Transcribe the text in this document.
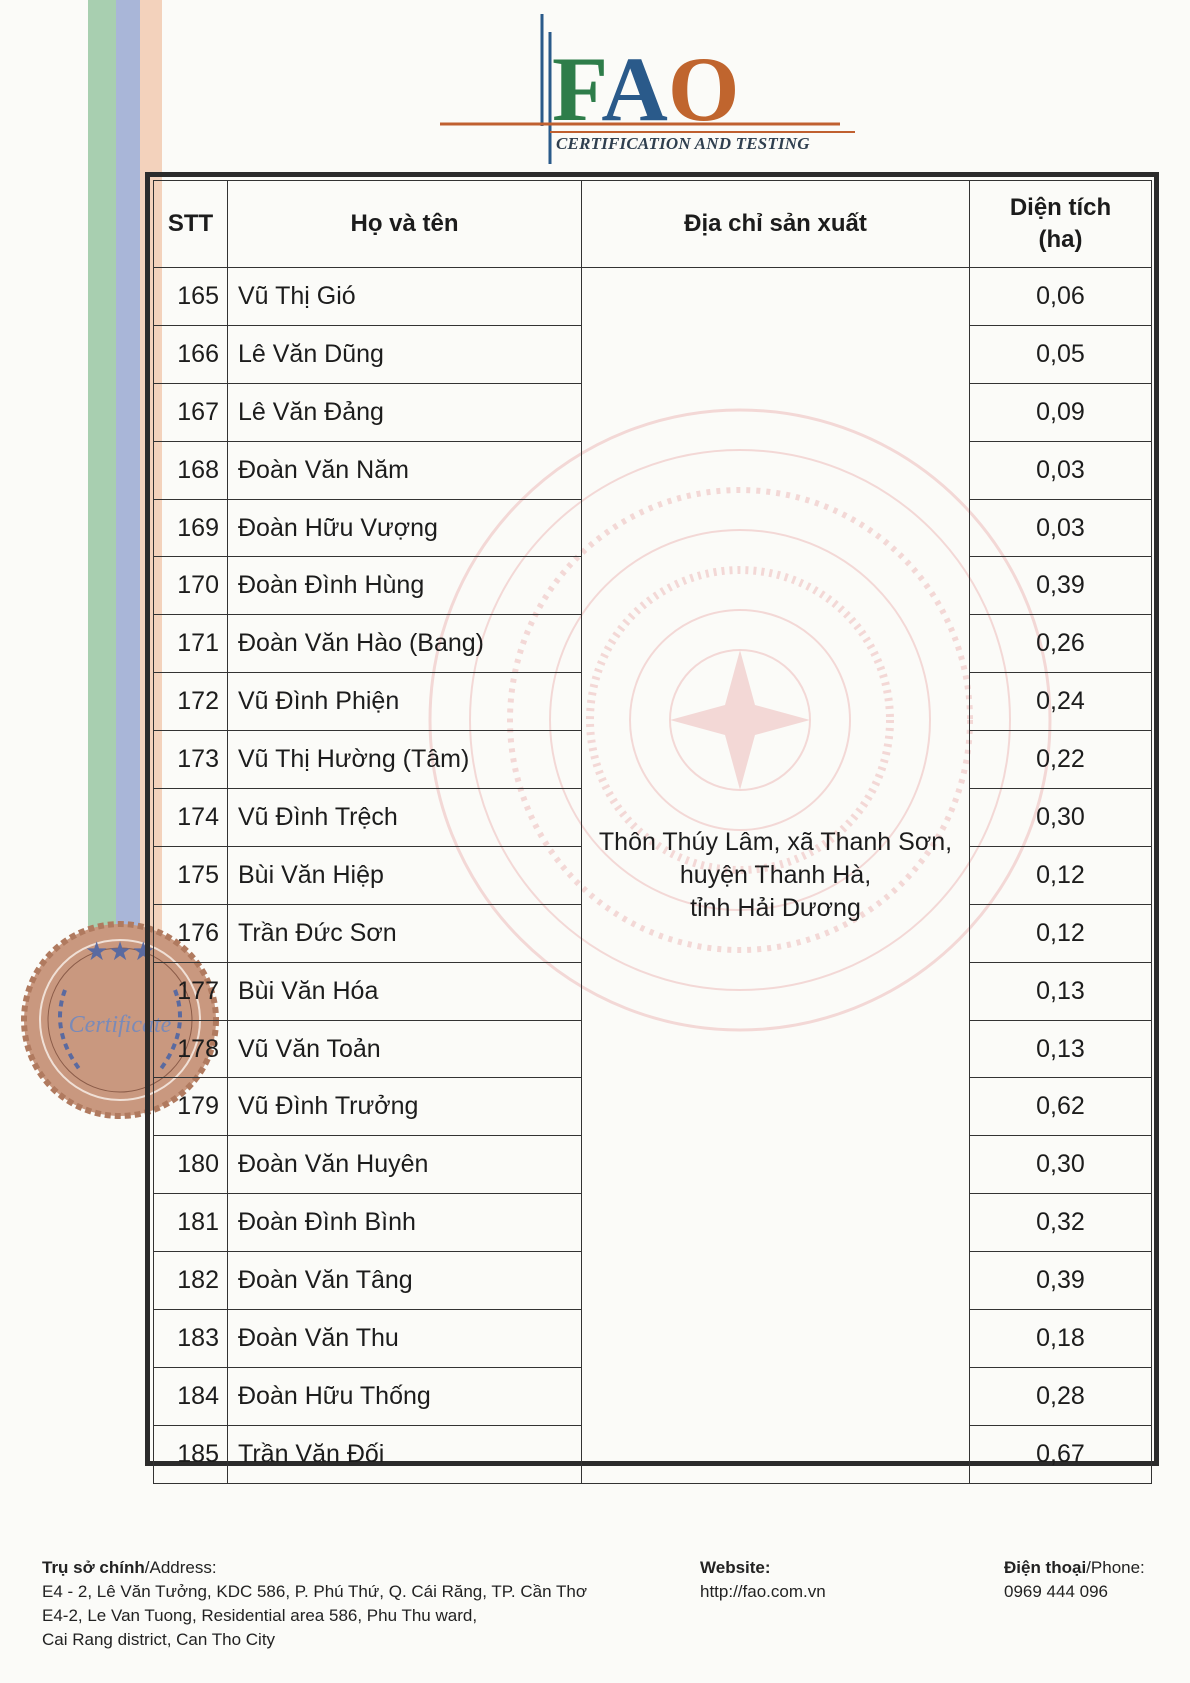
FAO
CERTIFICATION AND TESTING
★★★
Certificate
STT	Họ và tên	Địa chỉ sản xuất	Diện tích
(ha)
165	Vũ Thị Gió	Thôn Thúy Lâm, xã Thanh Sơn,
huyện Thanh Hà,
tỉnh Hải Dương	0,06
166	Lê Văn Dũng		0,05
167	Lê Văn Đảng		0,09
168	Đoàn Văn Năm		0,03
169	Đoàn Hữu Vượng		0,03
170	Đoàn Đình Hùng		0,39
171	Đoàn Văn Hào (Bang)		0,26
172	Vũ Đình Phiện		0,24
173	Vũ Thị Hường (Tâm)		0,22
174	Vũ Đình Trệch		0,30
175	Bùi Văn Hiệp		0,12
176	Trần Đức Sơn		0,12
177	Bùi Văn Hóa		0,13
178	Vũ Văn Toản		0,13
179	Vũ Đình Trưởng		0,62
180	Đoàn Văn Huyên		0,30
181	Đoàn Đình Bình		0,32
182	Đoàn Văn Tâng		0,39
183	Đoàn Văn Thu		0,18
184	Đoàn Hữu Thống		0,28
185	Trần Văn Đối		0,67
Trụ sở chính/Address:
E4 - 2, Lê Văn Tưởng, KDC 586, P. Phú Thứ, Q. Cái Răng, TP. Cần Thơ
E4-2, Le Van Tuong, Residential area 586, Phu Thu ward,
Cai Rang district, Can Tho City
Website:
http://fao.com.vn
Điện thoại/Phone:
0969 444 096
